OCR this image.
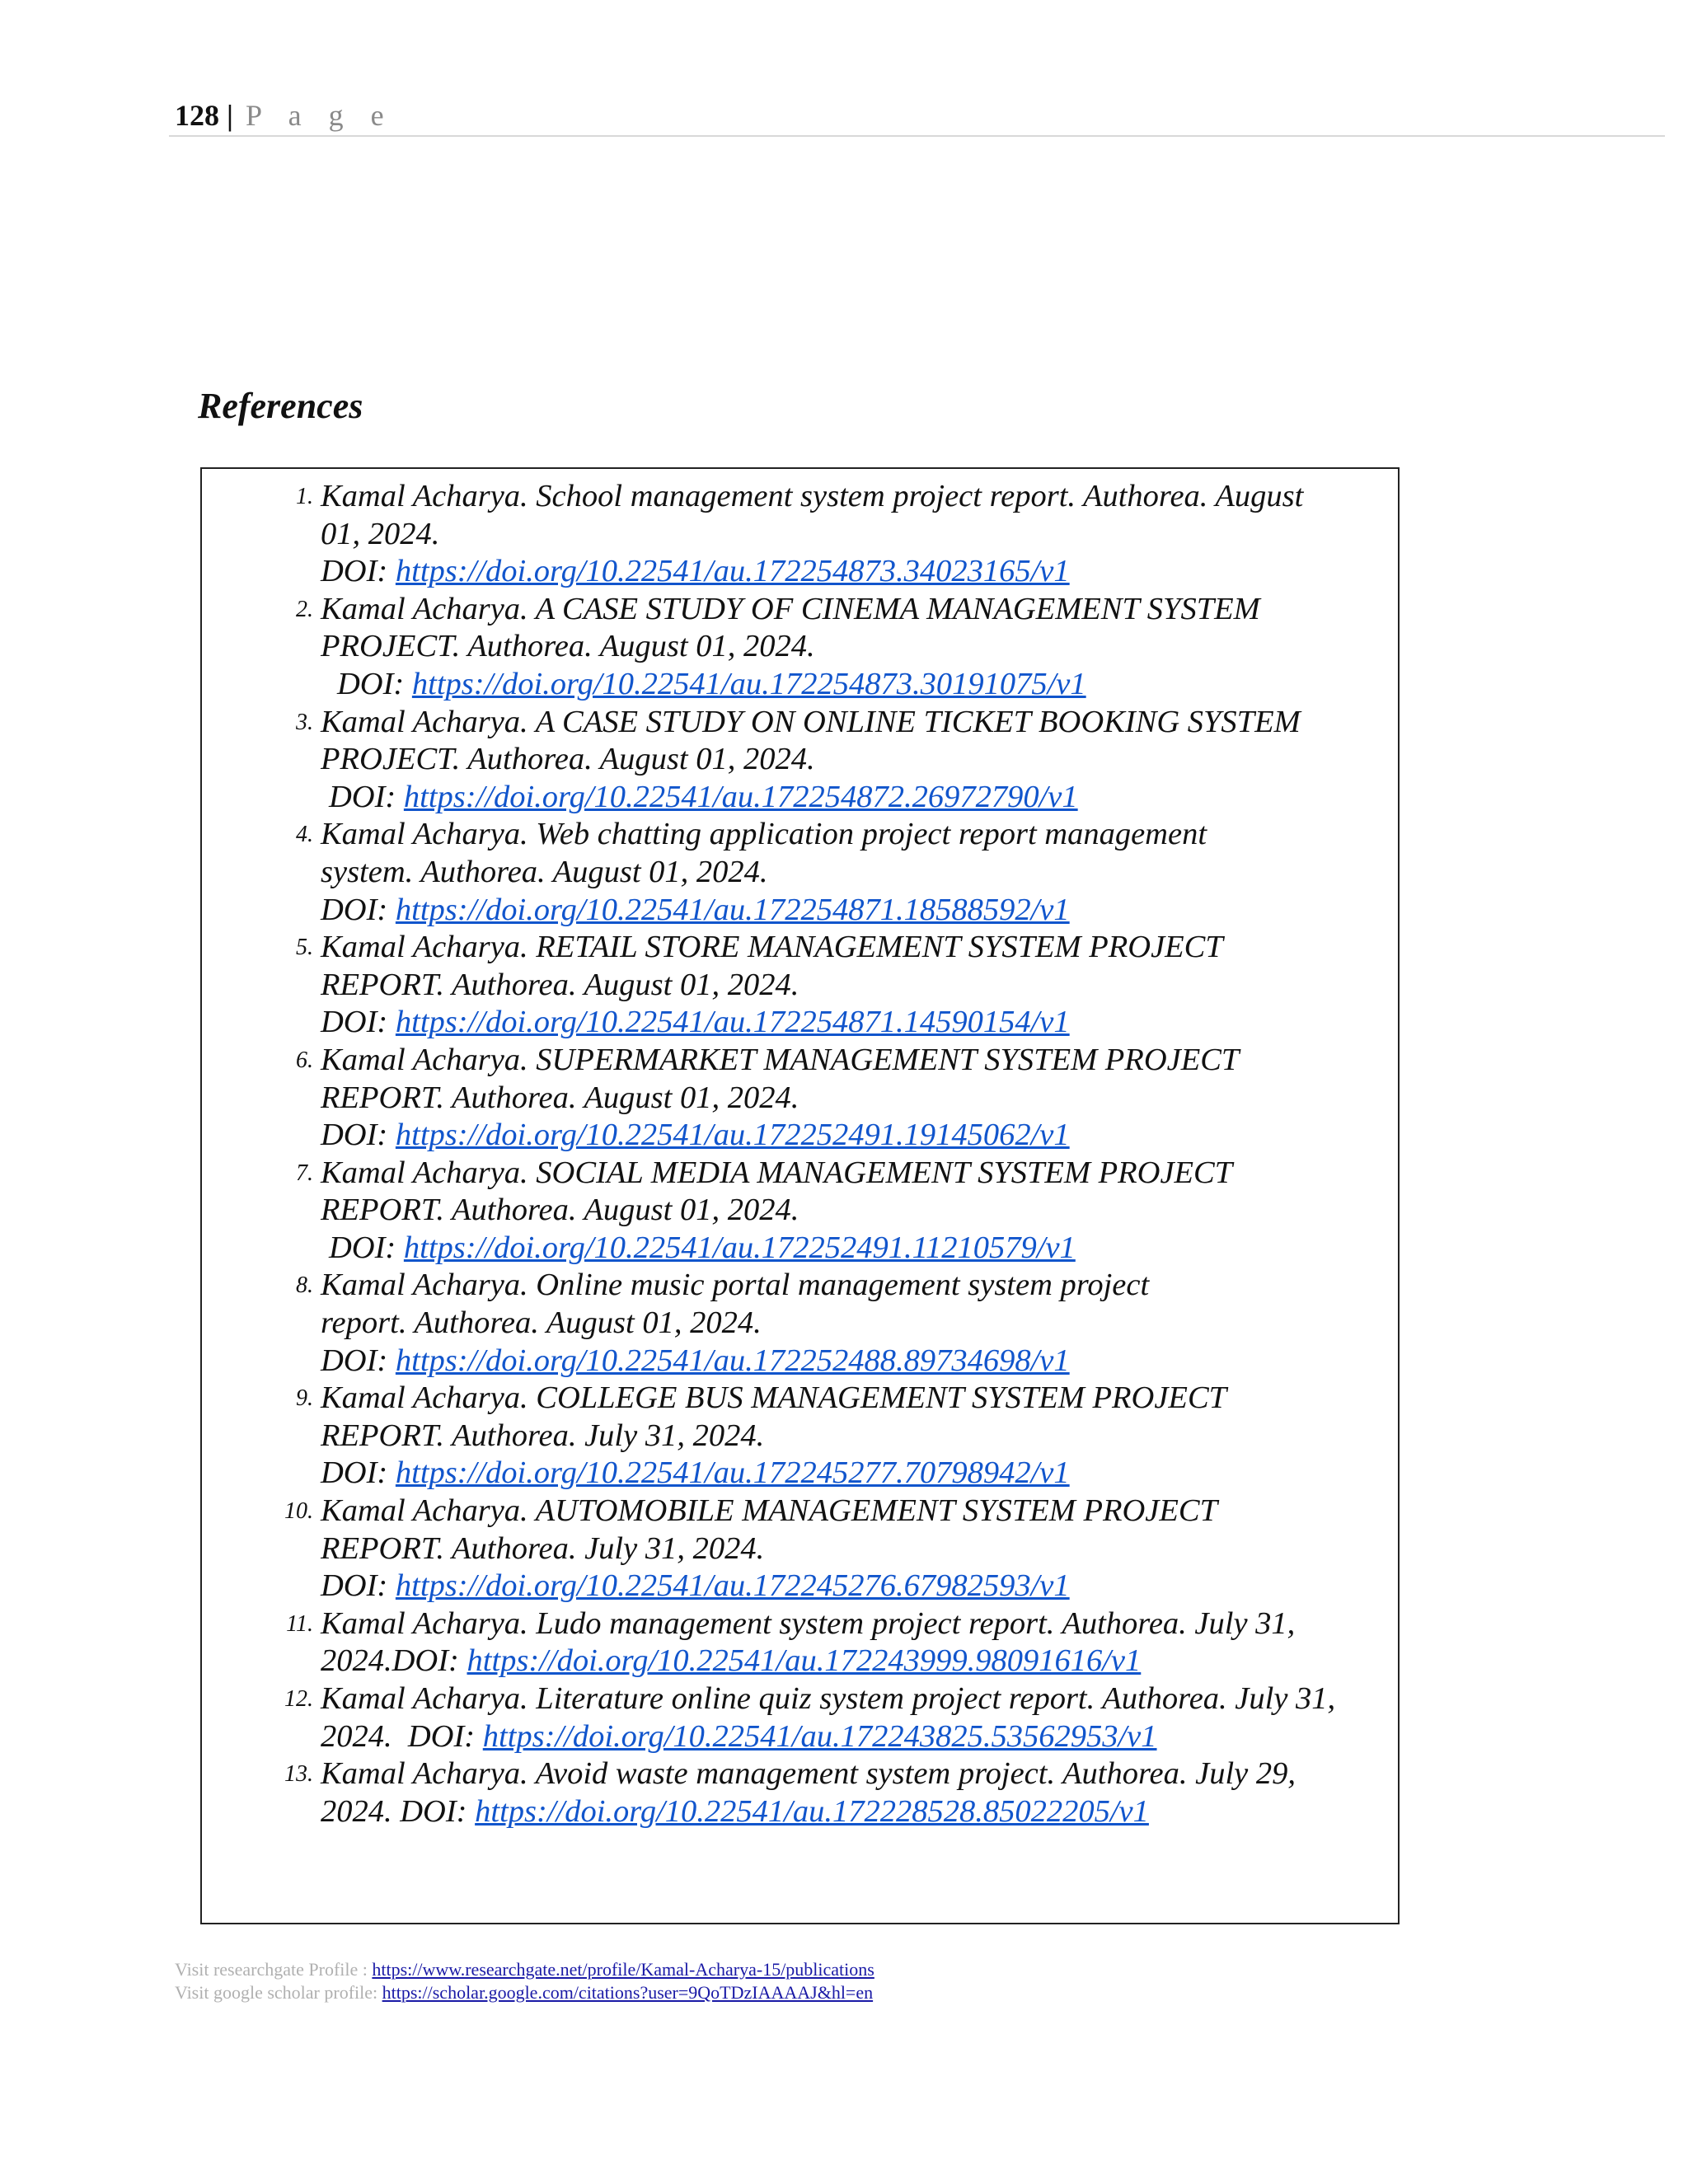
128 | P a g e
References
1. Kamal Acharya. School management system project report. Authorea. August
01, 2024.
DOI: https://doi.org/10.22541/au.172254873.34023165/v1
2. Kamal Acharya. A CASE STUDY OF CINEMA MANAGEMENT SYSTEM
PROJECT. Authorea. August 01, 2024.
DOI: https://doi.org/10.22541/au.172254873.30191075/v1
3. Kamal Acharya. A CASE STUDY ON ONLINE TICKET BOOKING SYSTEM
PROJECT. Authorea. August 01, 2024.
DOI: https://doi.org/10.22541/au.172254872.26972790/v1
4. Kamal Acharya. Web chatting application project report management
system. Authorea. August 01, 2024.
DOI: https://doi.org/10.22541/au.172254871.18588592/v1
5. Kamal Acharya. RETAIL STORE MANAGEMENT SYSTEM PROJECT
REPORT. Authorea. August 01, 2024.
DOI: https://doi.org/10.22541/au.172254871.14590154/v1
6. Kamal Acharya. SUPERMARKET MANAGEMENT SYSTEM PROJECT
REPORT. Authorea. August 01, 2024.
DOI: https://doi.org/10.22541/au.172252491.19145062/v1
7. Kamal Acharya. SOCIAL MEDIA MANAGEMENT SYSTEM PROJECT
REPORT. Authorea. August 01, 2024.
DOI: https://doi.org/10.22541/au.172252491.11210579/v1
8. Kamal Acharya. Online music portal management system project
report. Authorea. August 01, 2024.
DOI: https://doi.org/10.22541/au.172252488.89734698/v1
9. Kamal Acharya. COLLEGE BUS MANAGEMENT SYSTEM PROJECT
REPORT. Authorea. July 31, 2024.
DOI: https://doi.org/10.22541/au.172245277.70798942/v1
10. Kamal Acharya. AUTOMOBILE MANAGEMENT SYSTEM PROJECT
REPORT. Authorea. July 31, 2024.
DOI: https://doi.org/10.22541/au.172245276.67982593/v1
11. Kamal Acharya. Ludo management system project report. Authorea. July 31,
2024.DOI: https://doi.org/10.22541/au.172243999.98091616/v1
12. Kamal Acharya. Literature online quiz system project report. Authorea. July 31,
2024.  DOI: https://doi.org/10.22541/au.172243825.53562953/v1
13. Kamal Acharya. Avoid waste management system project. Authorea. July 29,
2024. DOI: https://doi.org/10.22541/au.172228528.85022205/v1
Visit researchgate Profile : https://www.researchgate.net/profile/Kamal-Acharya-15/publications
Visit google scholar profile: https://scholar.google.com/citations?user=9QoTDzIAAAAJ&hl=en
